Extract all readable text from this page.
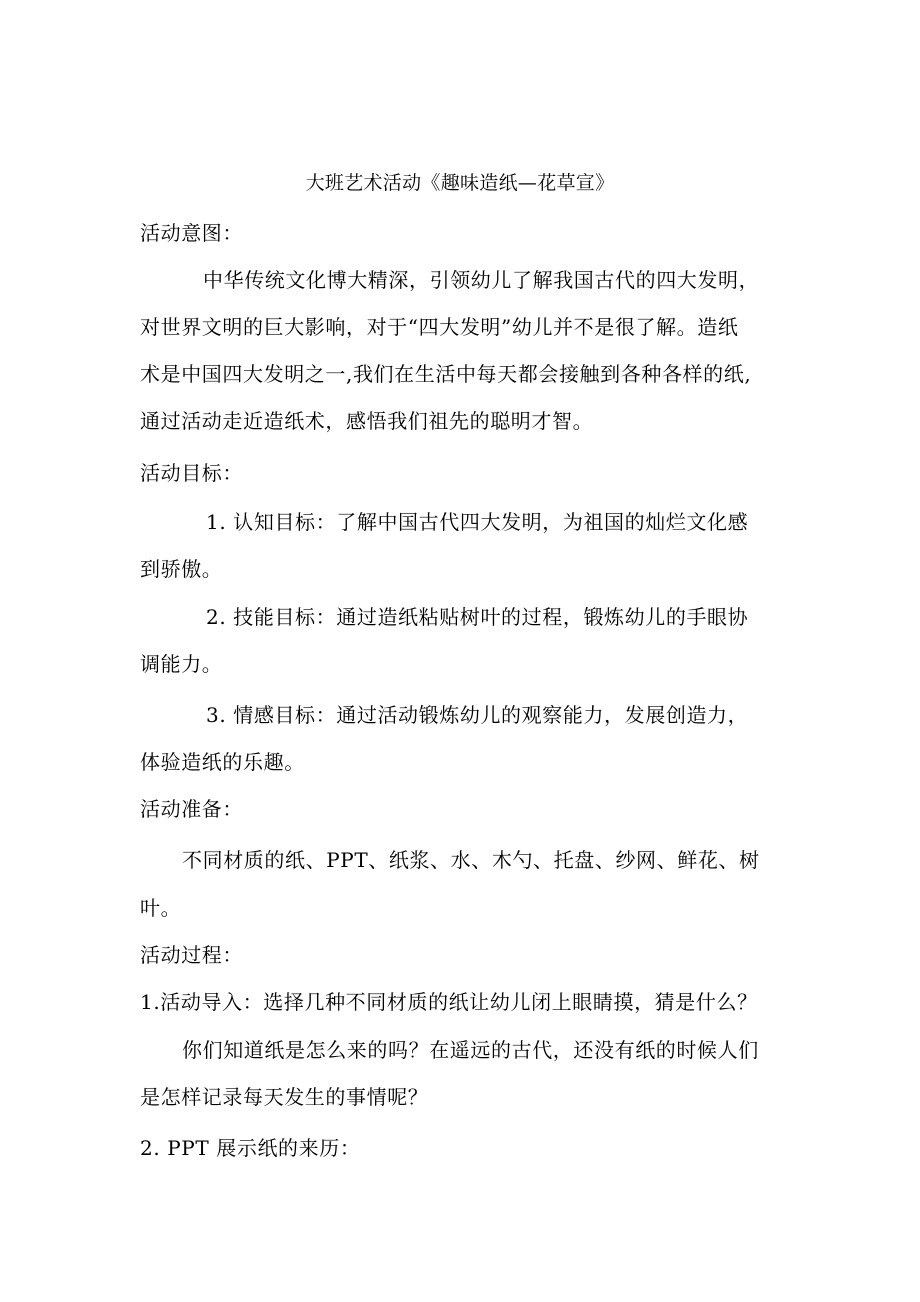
大班艺术活动《趣味造纸—花草宣》
活动意图：
中华传统文化博大精深，引领幼儿了解我国古代的四大发明，
对世界文明的巨大影响，对于“四大发明”幼儿并不是很了解。造纸
术是中国四大发明之一,我们在生活中每天都会接触到各种各样的纸,
通过活动走近造纸术，感悟我们祖先的聪明才智。
活动目标：
1. 认知目标：了解中国古代四大发明，为祖国的灿烂文化感
到骄傲。
2. 技能目标：通过造纸粘贴树叶的过程，锻炼幼儿的手眼协
调能力。
3. 情感目标：通过活动锻炼幼儿的观察能力，发展创造力，
体验造纸的乐趣。
活动准备：
不同材质的纸、PPT、纸浆、水、木勺、托盘、纱网、鲜花、树
叶。
活动过程：
1.活动导入：选择几种不同材质的纸让幼儿闭上眼睛摸，猜是什么？
你们知道纸是怎么来的吗？在遥远的古代，还没有纸的时候人们
是怎样记录每天发生的事情呢？
2. PPT 展示纸的来历：
